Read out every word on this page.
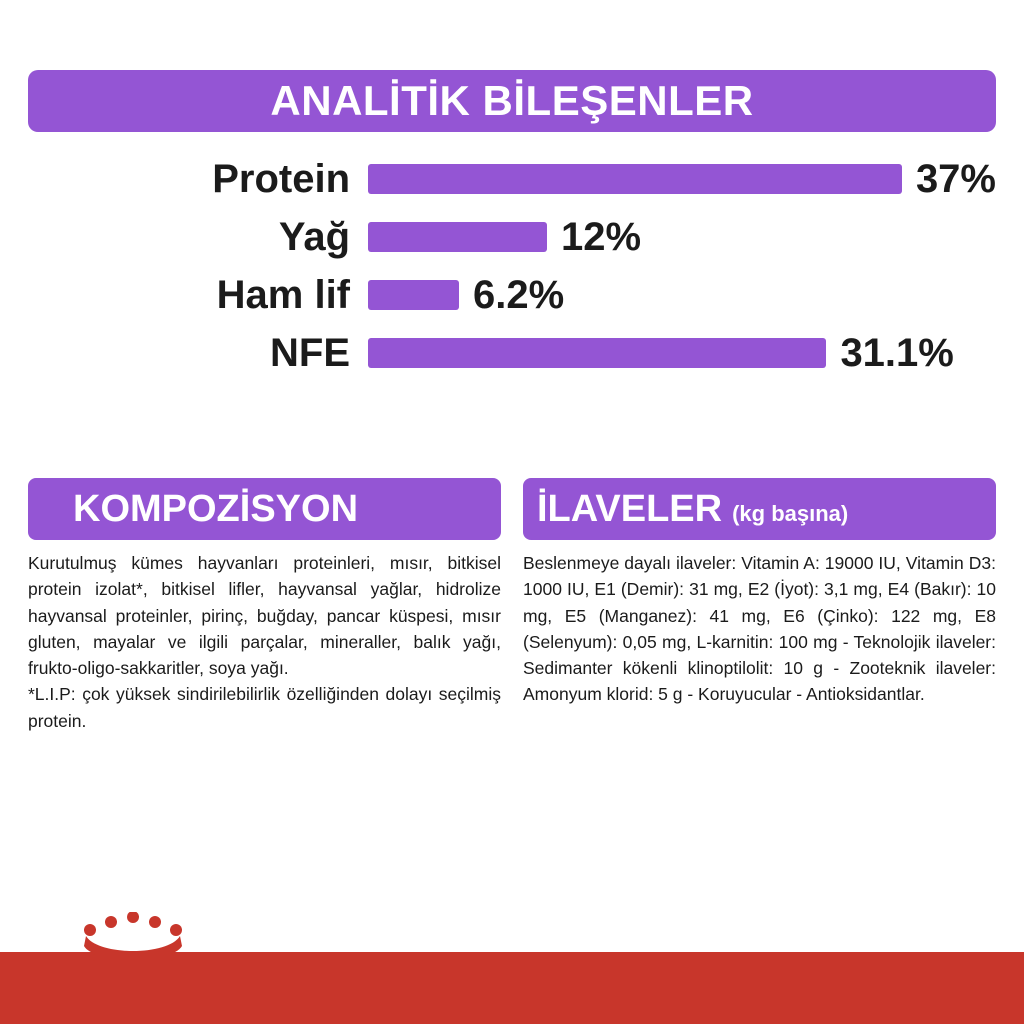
ANALİTİK BİLEŞENLER
Protein	37%
Yağ	12%
Ham lif	6.2%
NFE	31.1%
KOMPOZİSYON
Kurutulmuş kümes hayvanları proteinleri, mısır, bitkisel protein izolat*, bitkisel lifler, hayvansal yağlar, hidrolize hayvansal proteinler, pirinç, buğday, pancar küspesi, mısır gluten, mayalar ve ilgili parçalar, mineraller, balık yağı, frukto-oligo-sakkaritler, soya yağı.
*L.I.P: çok yüksek sindirilebilirlik özelliğinden dolayı seçilmiş protein.
İLAVELER (kg başına)
Beslenmeye dayalı ilaveler: Vitamin A: 19000 IU, Vitamin D3: 1000 IU, E1 (Demir): 31 mg, E2 (İyot): 3,1 mg, E4 (Bakır): 10 mg, E5 (Manganez): 41 mg, E6 (Çinko): 122 mg, E8 (Selenyum): 0,05 mg, L-karnitin: 100 mg - Teknolojik ilaveler: Sedimanter kökenli klinoptilolit: 10 g - Zooteknik ilaveler: Amonyum klorid: 5 g - Koruyucular - Antioksidantlar.
